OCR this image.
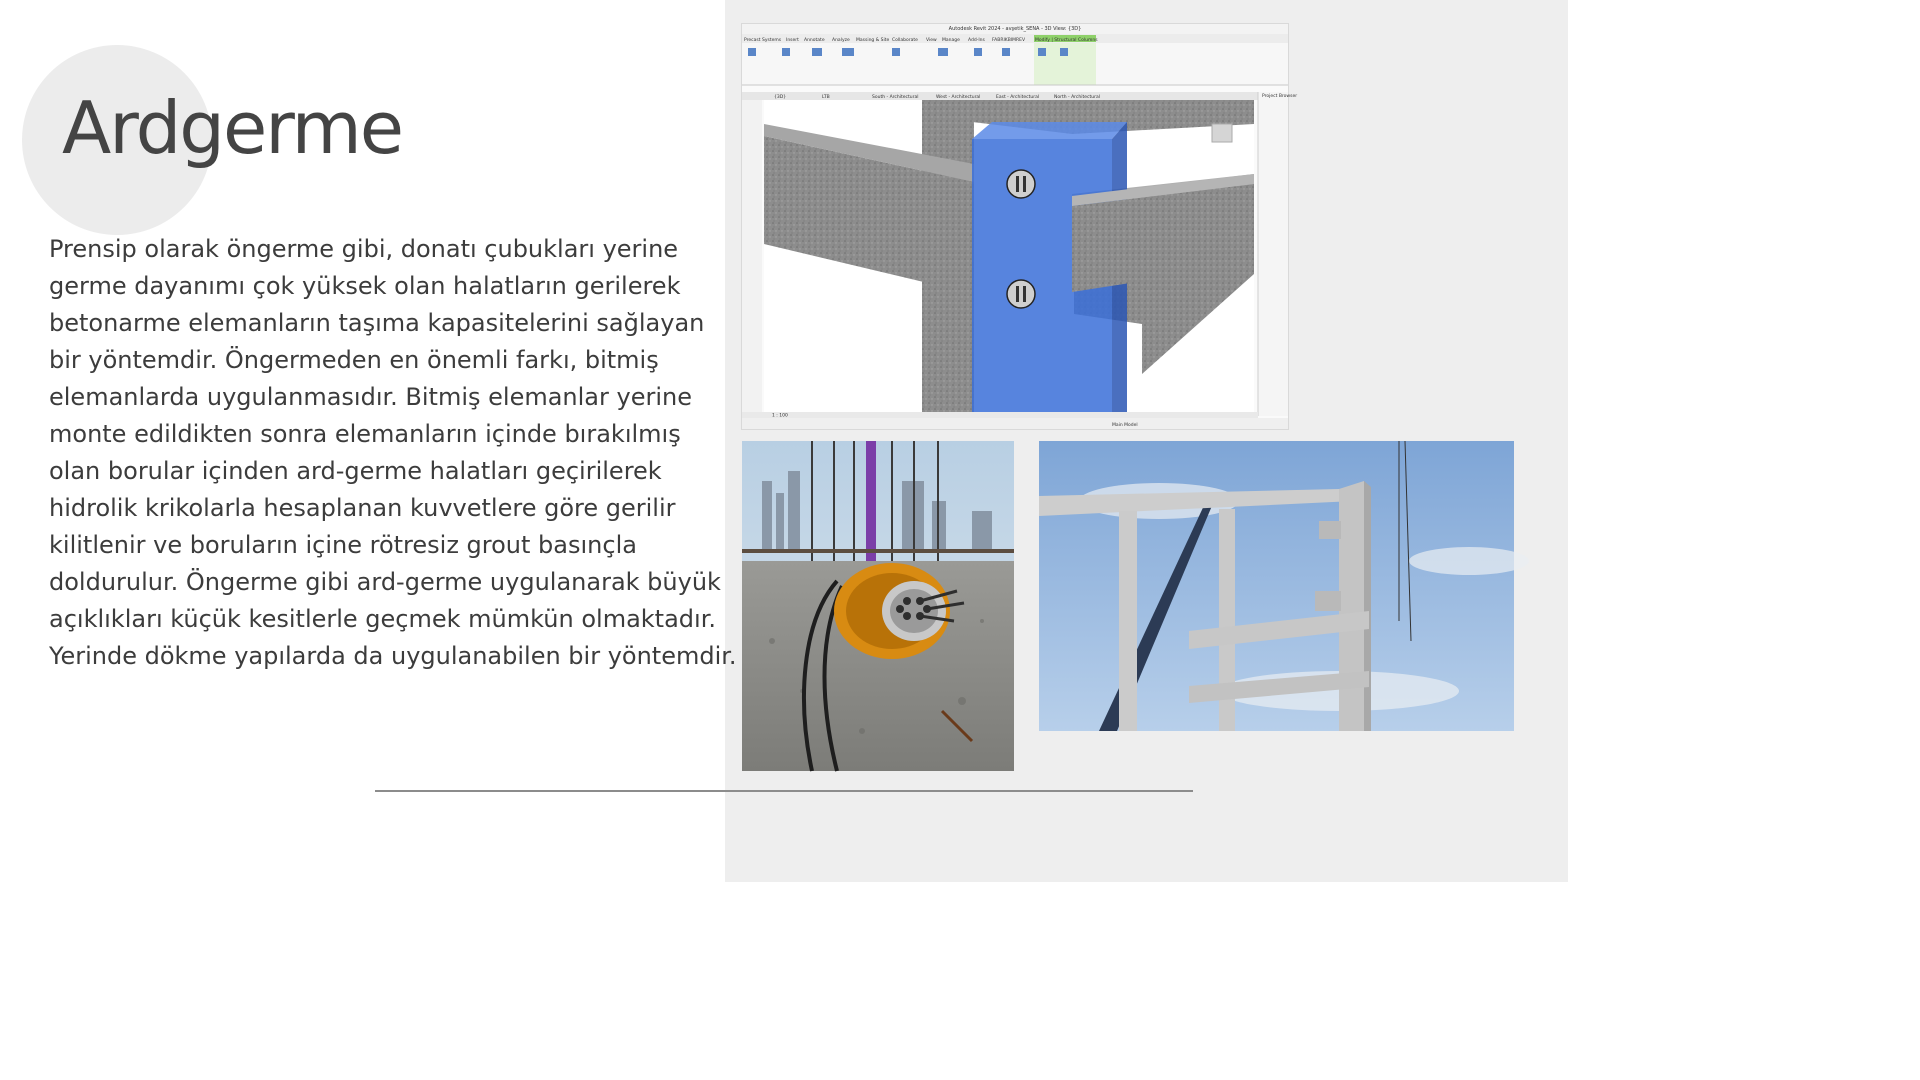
Ardgerme

Prensip olarak öngerme gibi, donatı çubukları yerine germe dayanımı çok yüksek olan halatların gerilerek betonarme elemanların taşıma kapasitelerini sağlayan bir yöntemdir. Öngermeden en önemli farkı, bitmiş elemanlarda uygulanmasıdır. Bitmiş elemanlar yerine monte edildikten sonra elemanların içinde bırakılmış olan borular içinden ard-germe halatları geçirilerek hidrolik krikolarla hesaplanan kuvvetlere göre gerilir kilitlenir ve boruların içine rötresiz grout basınçla doldurulur. Öngerme gibi ard-germe uygulanarak büyük açıklıkları küçük kesitlerle geçmek mümkün olmaktadır.

Yerinde dökme yapılarda da uygulanabilen bir yöntemdir.

1 : 100
Main Model
Project Browser
Precast Systems Insert Annotate Analyze Massing & Site Collaborate View Manage Add-Ins FABRIKBIMREV Modify | Structural Columns
{3D}	LTB	South - Architectural	West - Architectural	East - Architectural	North - Architectural
Autodesk Revit 2024 - avşetik_SENA - 3D View: {3D}
